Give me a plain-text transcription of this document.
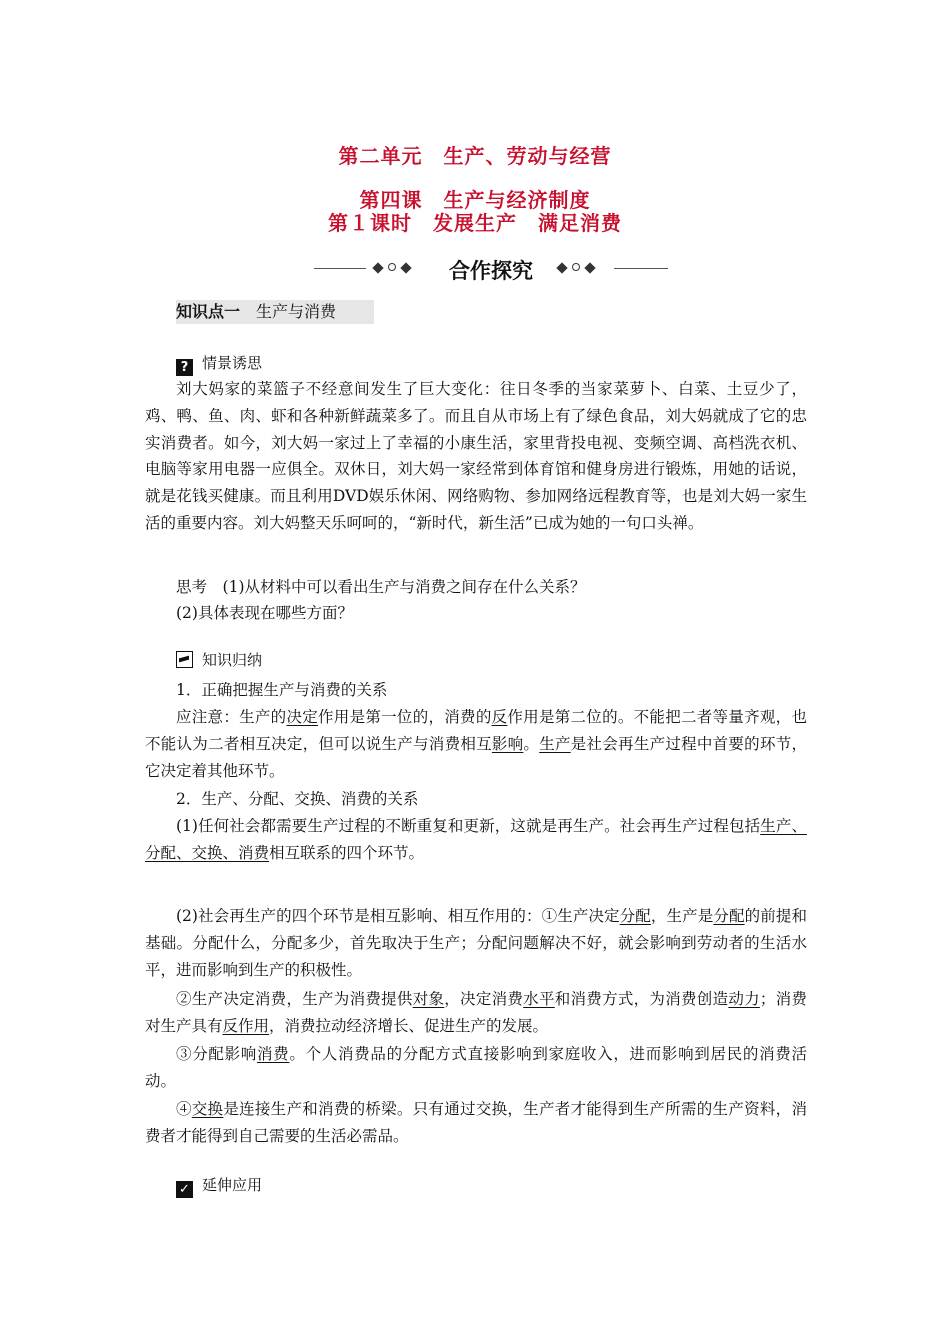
第二单元　生产、劳动与经营
第四课　生产与经济制度
第１课时　发展生产　满足消费
合作探究
知识点一　 生产与消费
? 情景诱思

刘大妈家的菜篮子不经意间发生了巨大变化：往日冬季的当家菜萝卜、白菜、土豆少了，鸡、鸭、鱼、肉、虾和各种新鲜蔬菜多了。而且自从市场上有了绿色食品，刘大妈就成了它的忠实消费者。如今，刘大妈一家过上了幸福的小康生活，家里背投电视、变频空调、高档洗衣机、电脑等家用电器一应俱全。双休日，刘大妈一家经常到体育馆和健身房进行锻炼，用她的话说，就是花钱买健康。而且利用DVD娱乐休闲、网络购物、参加网络远程教育等，也是刘大妈一家生活的重要内容。刘大妈整天乐呵呵的，“新时代，新生活”已成为她的一句口头禅。

思考　 (1)从材料中可以看出生产与消费之间存在什么关系？

(2)具体表现在哪些方面？

知识归纳

1．正确把握生产与消费的关系

应注意：生产的决定作用是第一位的，消费的反作用是第二位的。不能把二者等量齐观，也不能认为二者相互决定，但可以说生产与消费相互影响。生产是社会再生产过程中首要的环节，它决定着其他环节。

2．生产、分配、交换、消费的关系

(1)任何社会都需要生产过程的不断重复和更新，这就是再生产。社会再生产过程包括生产、分配、交换、消费相互联系的四个环节。

(2)社会再生产的四个环节是相互影响、相互作用的：①生产决定分配，生产是分配的前提和基础。分配什么，分配多少，首先取决于生产；分配问题解决不好，就会影响到劳动者的生活水平，进而影响到生产的积极性。

②生产决定消费，生产为消费提供对象，决定消费水平和消费方式，为消费创造动力；消费对生产具有反作用，消费拉动经济增长、促进生产的发展。

③分配影响消费。个人消费品的分配方式直接影响到家庭收入，进而影响到居民的消费活动。

④交换是连接生产和消费的桥梁。只有通过交换，生产者才能得到生产所需的生产资料，消费者才能得到自己需要的生活必需品。

✓ 延伸应用
